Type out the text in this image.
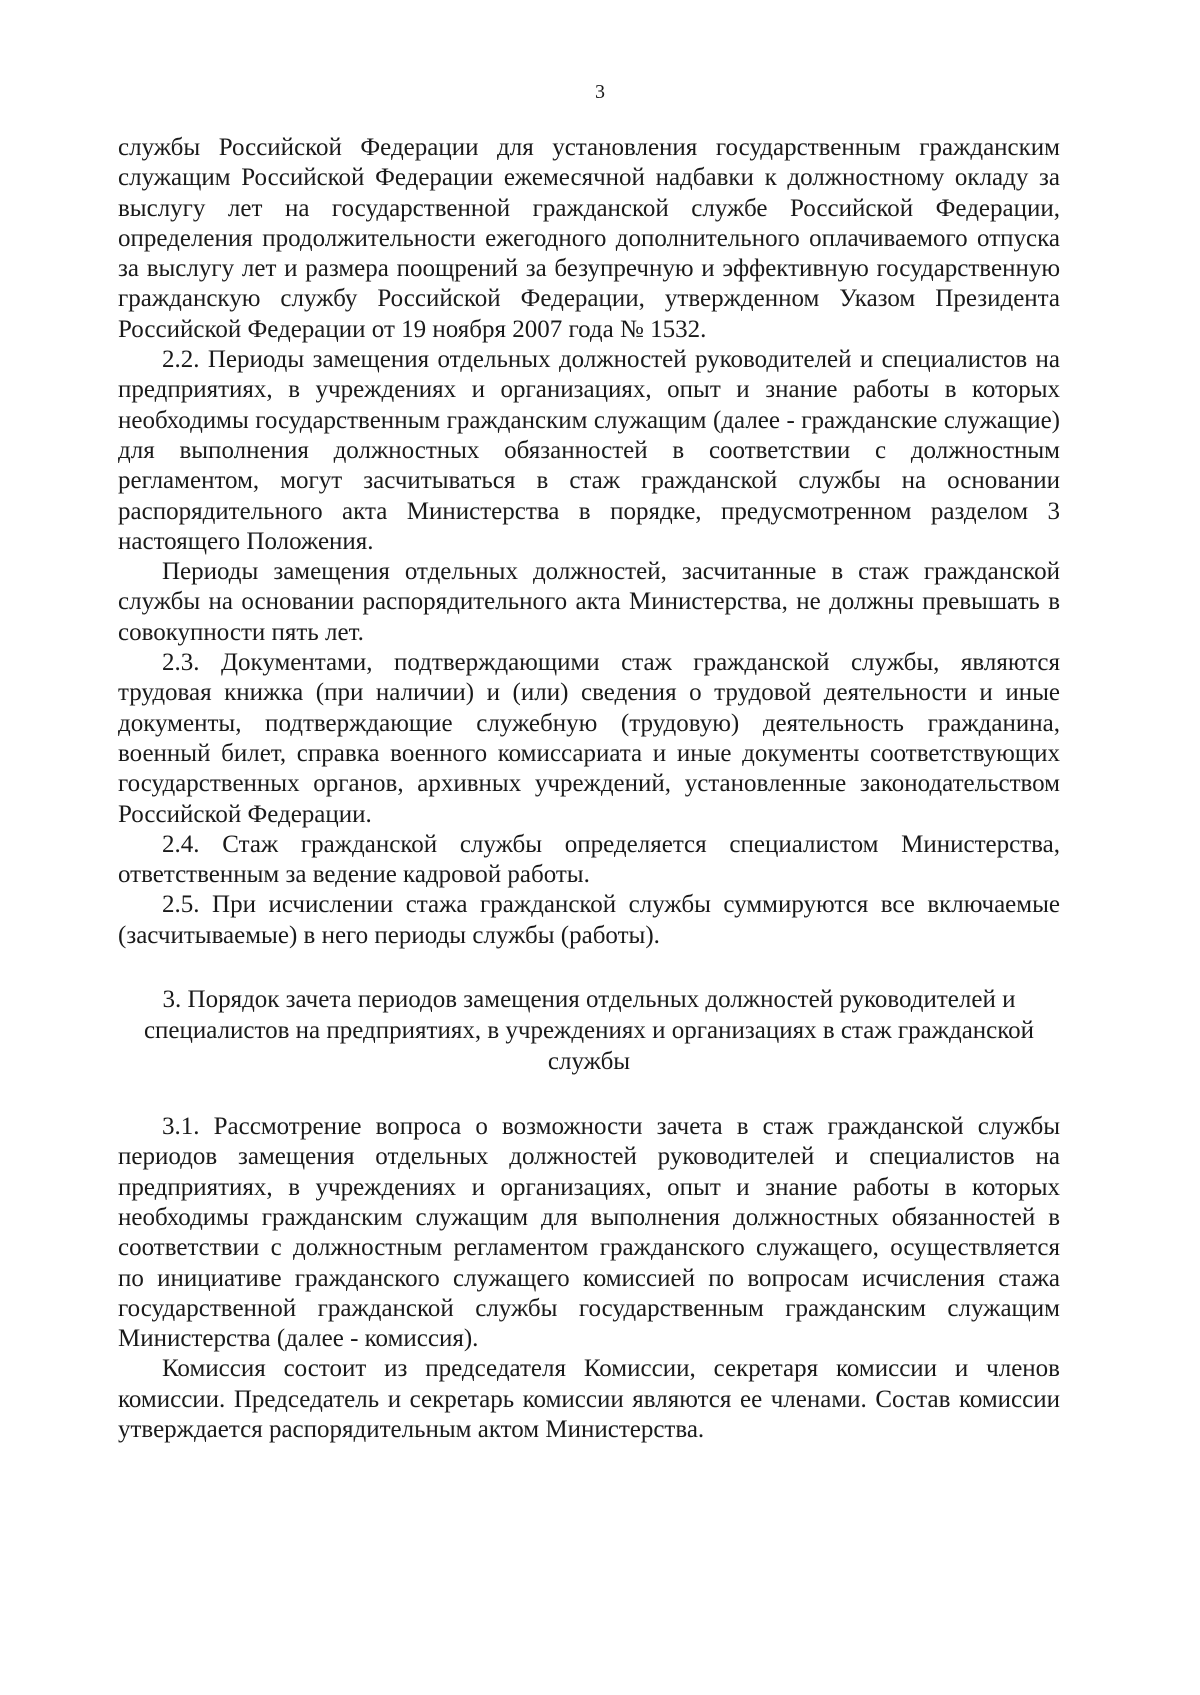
3

службы Российской Федерации для установления государственным гражданским служащим Российской Федерации ежемесячной надбавки к должностному окладу за выслугу лет на государственной гражданской службе Российской Федерации, определения продолжительности ежегодного дополнительного оплачиваемого отпуска за выслугу лет и размера поощрений за безупречную и эффективную государственную гражданскую службу Российской Федерации, утвержденном Указом Президента Российской Федерации от 19 ноября 2007 года № 1532.

2.2. Периоды замещения отдельных должностей руководителей и специалистов на предприятиях, в учреждениях и организациях, опыт и знание работы в которых необходимы государственным гражданским служащим (далее - гражданские служащие) для выполнения должностных обязанностей в соответствии с должностным регламентом, могут засчитываться в стаж гражданской службы на основании распорядительного акта Министерства в порядке, предусмотренном разделом 3 настоящего Положения.

Периоды замещения отдельных должностей, засчитанные в стаж гражданской службы на основании распорядительного акта Министерства, не должны превышать в совокупности пять лет.

2.3. Документами, подтверждающими стаж гражданской службы, являются трудовая книжка (при наличии) и (или) сведения о трудовой деятельности и иные документы, подтверждающие служебную (трудовую) деятельность гражданина, военный билет, справка военного комиссариата и иные документы соответствующих государственных органов, архивных учреждений, установленные законодательством Российской Федерации.

2.4. Стаж гражданской службы определяется специалистом Министерства, ответственным за ведение кадровой работы.

2.5. При исчислении стажа гражданской службы суммируются все включаемые (засчитываемые) в него периоды службы (работы).

3. Порядок зачета периодов замещения отдельных должностей руководителей и специалистов на предприятиях, в учреждениях и организациях в стаж гражданской службы

3.1. Рассмотрение вопроса о возможности зачета в стаж гражданской службы периодов замещения отдельных должностей руководителей и специалистов на предприятиях, в учреждениях и организациях, опыт и знание работы в которых необходимы гражданским служащим для выполнения должностных обязанностей в соответствии с должностным регламентом гражданского служащего, осуществляется по инициативе гражданского служащего комиссией по вопросам исчисления стажа государственной гражданской службы государственным гражданским служащим Министерства (далее - комиссия).

Комиссия состоит из председателя Комиссии, секретаря комиссии и членов комиссии. Председатель и секретарь комиссии являются ее членами. Состав комиссии утверждается распорядительным актом Министерства.
